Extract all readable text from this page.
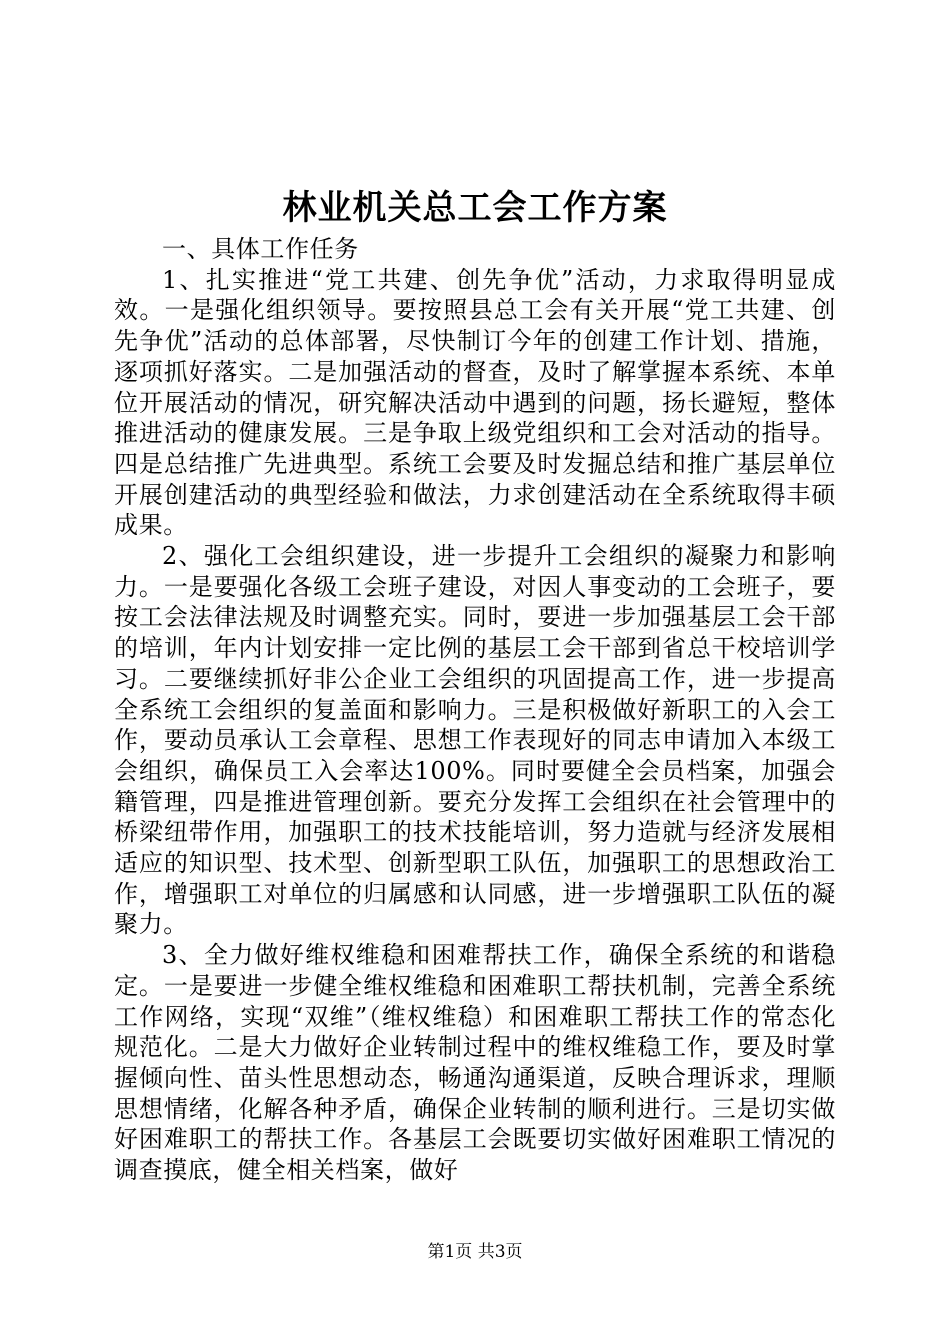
林业机关总工会工作方案

一、具体工作任务

1、扎实推进“党工共建、创先争优”活动，力求取得明显成效。一是强化组织领导。要按照县总工会有关开展“党工共建、创先争优”活动的总体部署，尽快制订今年的创建工作计划、措施，逐项抓好落实。二是加强活动的督查，及时了解掌握本系统、本单位开展活动的情况，研究解决活动中遇到的问题，扬长避短，整体推进活动的健康发展。三是争取上级党组织和工会对活动的指导。四是总结推广先进典型。系统工会要及时发掘总结和推广基层单位开展创建活动的典型经验和做法，力求创建活动在全系统取得丰硕成果。

2、强化工会组织建设，进一步提升工会组织的凝聚力和影响力。一是要强化各级工会班子建设，对因人事变动的工会班子，要按工会法律法规及时调整充实。同时，要进一步加强基层工会干部的培训，年内计划安排一定比例的基层工会干部到省总干校培训学习。二要继续抓好非公企业工会组织的巩固提高工作，进一步提高全系统工会组织的复盖面和影响力。三是积极做好新职工的入会工作，要动员承认工会章程、思想工作表现好的同志申请加入本级工会组织，确保员工入会率达100%。同时要健全会员档案，加强会籍管理，四是推进管理创新。要充分发挥工会组织在社会管理中的桥梁纽带作用，加强职工的技术技能培训，努力造就与经济发展相适应的知识型、技术型、创新型职工队伍，加强职工的思想政治工作，增强职工对单位的归属感和认同感，进一步增强职工队伍的凝聚力。

3、全力做好维权维稳和困难帮扶工作，确保全系统的和谐稳定。一是要进一步健全维权维稳和困难职工帮扶机制，完善全系统工作网络，实现“双维”（维权维稳）和困难职工帮扶工作的常态化规范化。二是大力做好企业转制过程中的维权维稳工作，要及时掌握倾向性、苗头性思想动态，畅通沟通渠道，反映合理诉求，理顺思想情绪，化解各种矛盾，确保企业转制的顺利进行。三是切实做好困难职工的帮扶工作。各基层工会既要切实做好困难职工情况的调查摸底，健全相关档案，做好

第1页 共3页
